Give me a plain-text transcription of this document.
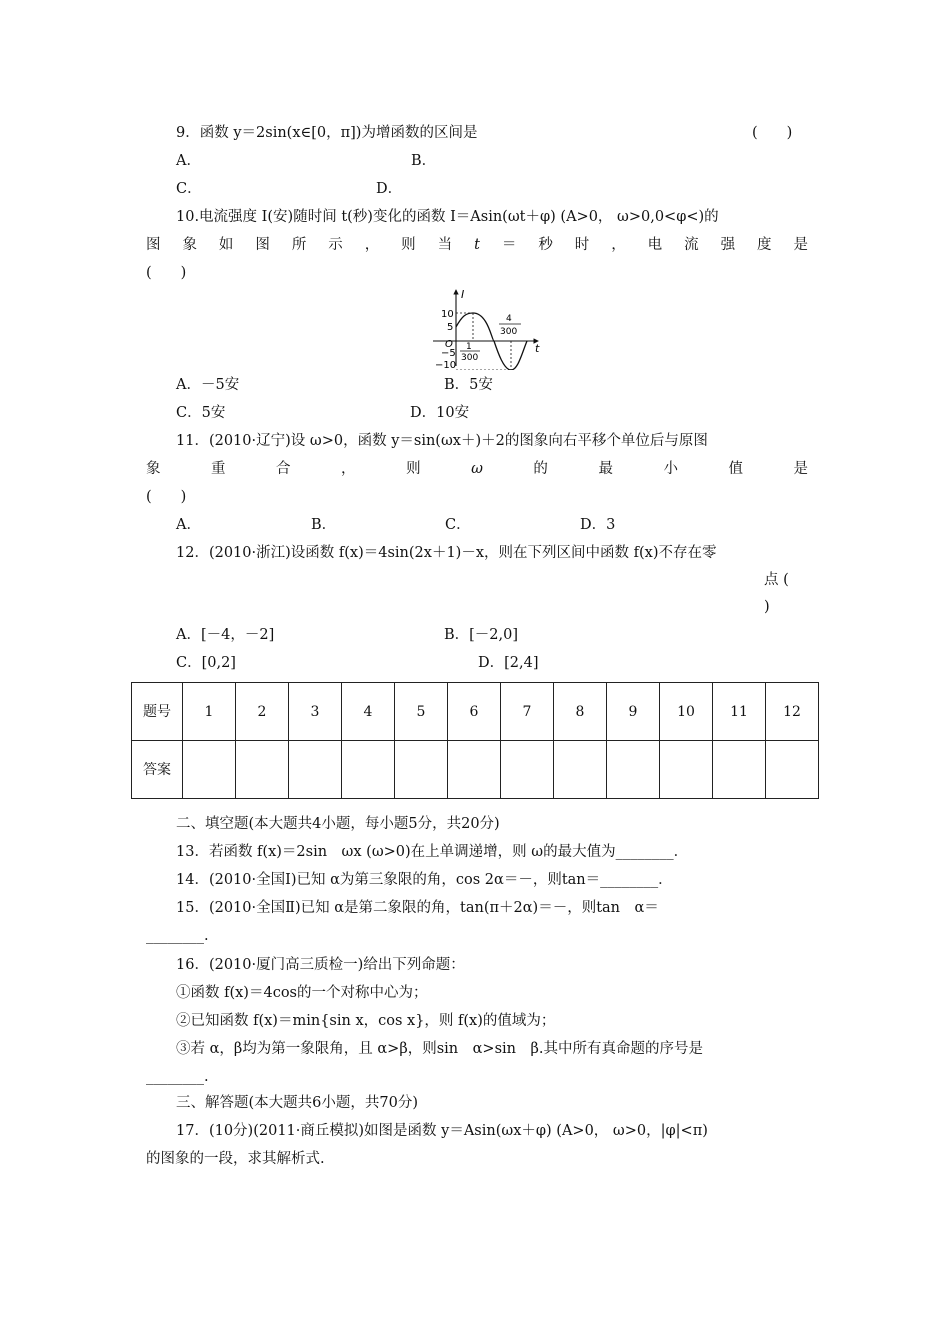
9．函数 y＝2sin(x∈[0，π])为增函数的区间是	(　　)
A．	B．
C．	D．
10.电流强度 I(安)随时间 t(秒)变化的函数 I＝Asin(ωt＋φ) (A>0， ω>0,0<φ<)的
图 象 如 图 所 示 ， 则 当 t ＝ 秒 时 ， 电 流 强 度 是
(　　)
I
t
O
10
5
−5
−10
1
300
4
300
A．－5安	B．5安
C．5安	D．10安
11．(2010·辽宁)设 ω>0，函数 y＝sin(ωx＋)＋2的图象向右平移个单位后与原图
象	重	合	，	则	ω	的	最	小	值	是
(　　)
A．	B．	C．	D．3
12．(2010·浙江)设函数 f(x)＝4sin(2x＋1)－x，则在下列区间中函数 f(x)不存在零
点 (
)
A．[－4，－2]	B．[－2,0]
C．[0,2]	D．[2,4]
题号	1	2	3	4	5	6	7	8	9	10	11	12
答案												
二、填空题(本大题共4小题，每小题5分，共20分)
13．若函数 f(x)＝2sin　ωx (ω>0)在上单调递增，则 ω的最大值为________．
14．(2010·全国Ⅰ)已知 α为第三象限的角，cos 2α＝－，则tan＝________．
15．(2010·全国Ⅱ)已知 α是第二象限的角，tan(π＋2α)＝－，则tan　α＝
________.
16．(2010·厦门高三质检一)给出下列命题：
①函数 f(x)＝4cos的一个对称中心为；
②已知函数 f(x)＝min{sin x，cos x}，则 f(x)的值域为；
③若 α，β均为第一象限角，且 α>β，则sin　α>sin　β.其中所有真命题的序号是
________.
三、解答题(本大题共6小题，共70分)
17．(10分)(2011·商丘模拟)如图是函数 y＝Asin(ωx＋φ) (A>0， ω>0，|φ|<π)
的图象的一段，求其解析式.
